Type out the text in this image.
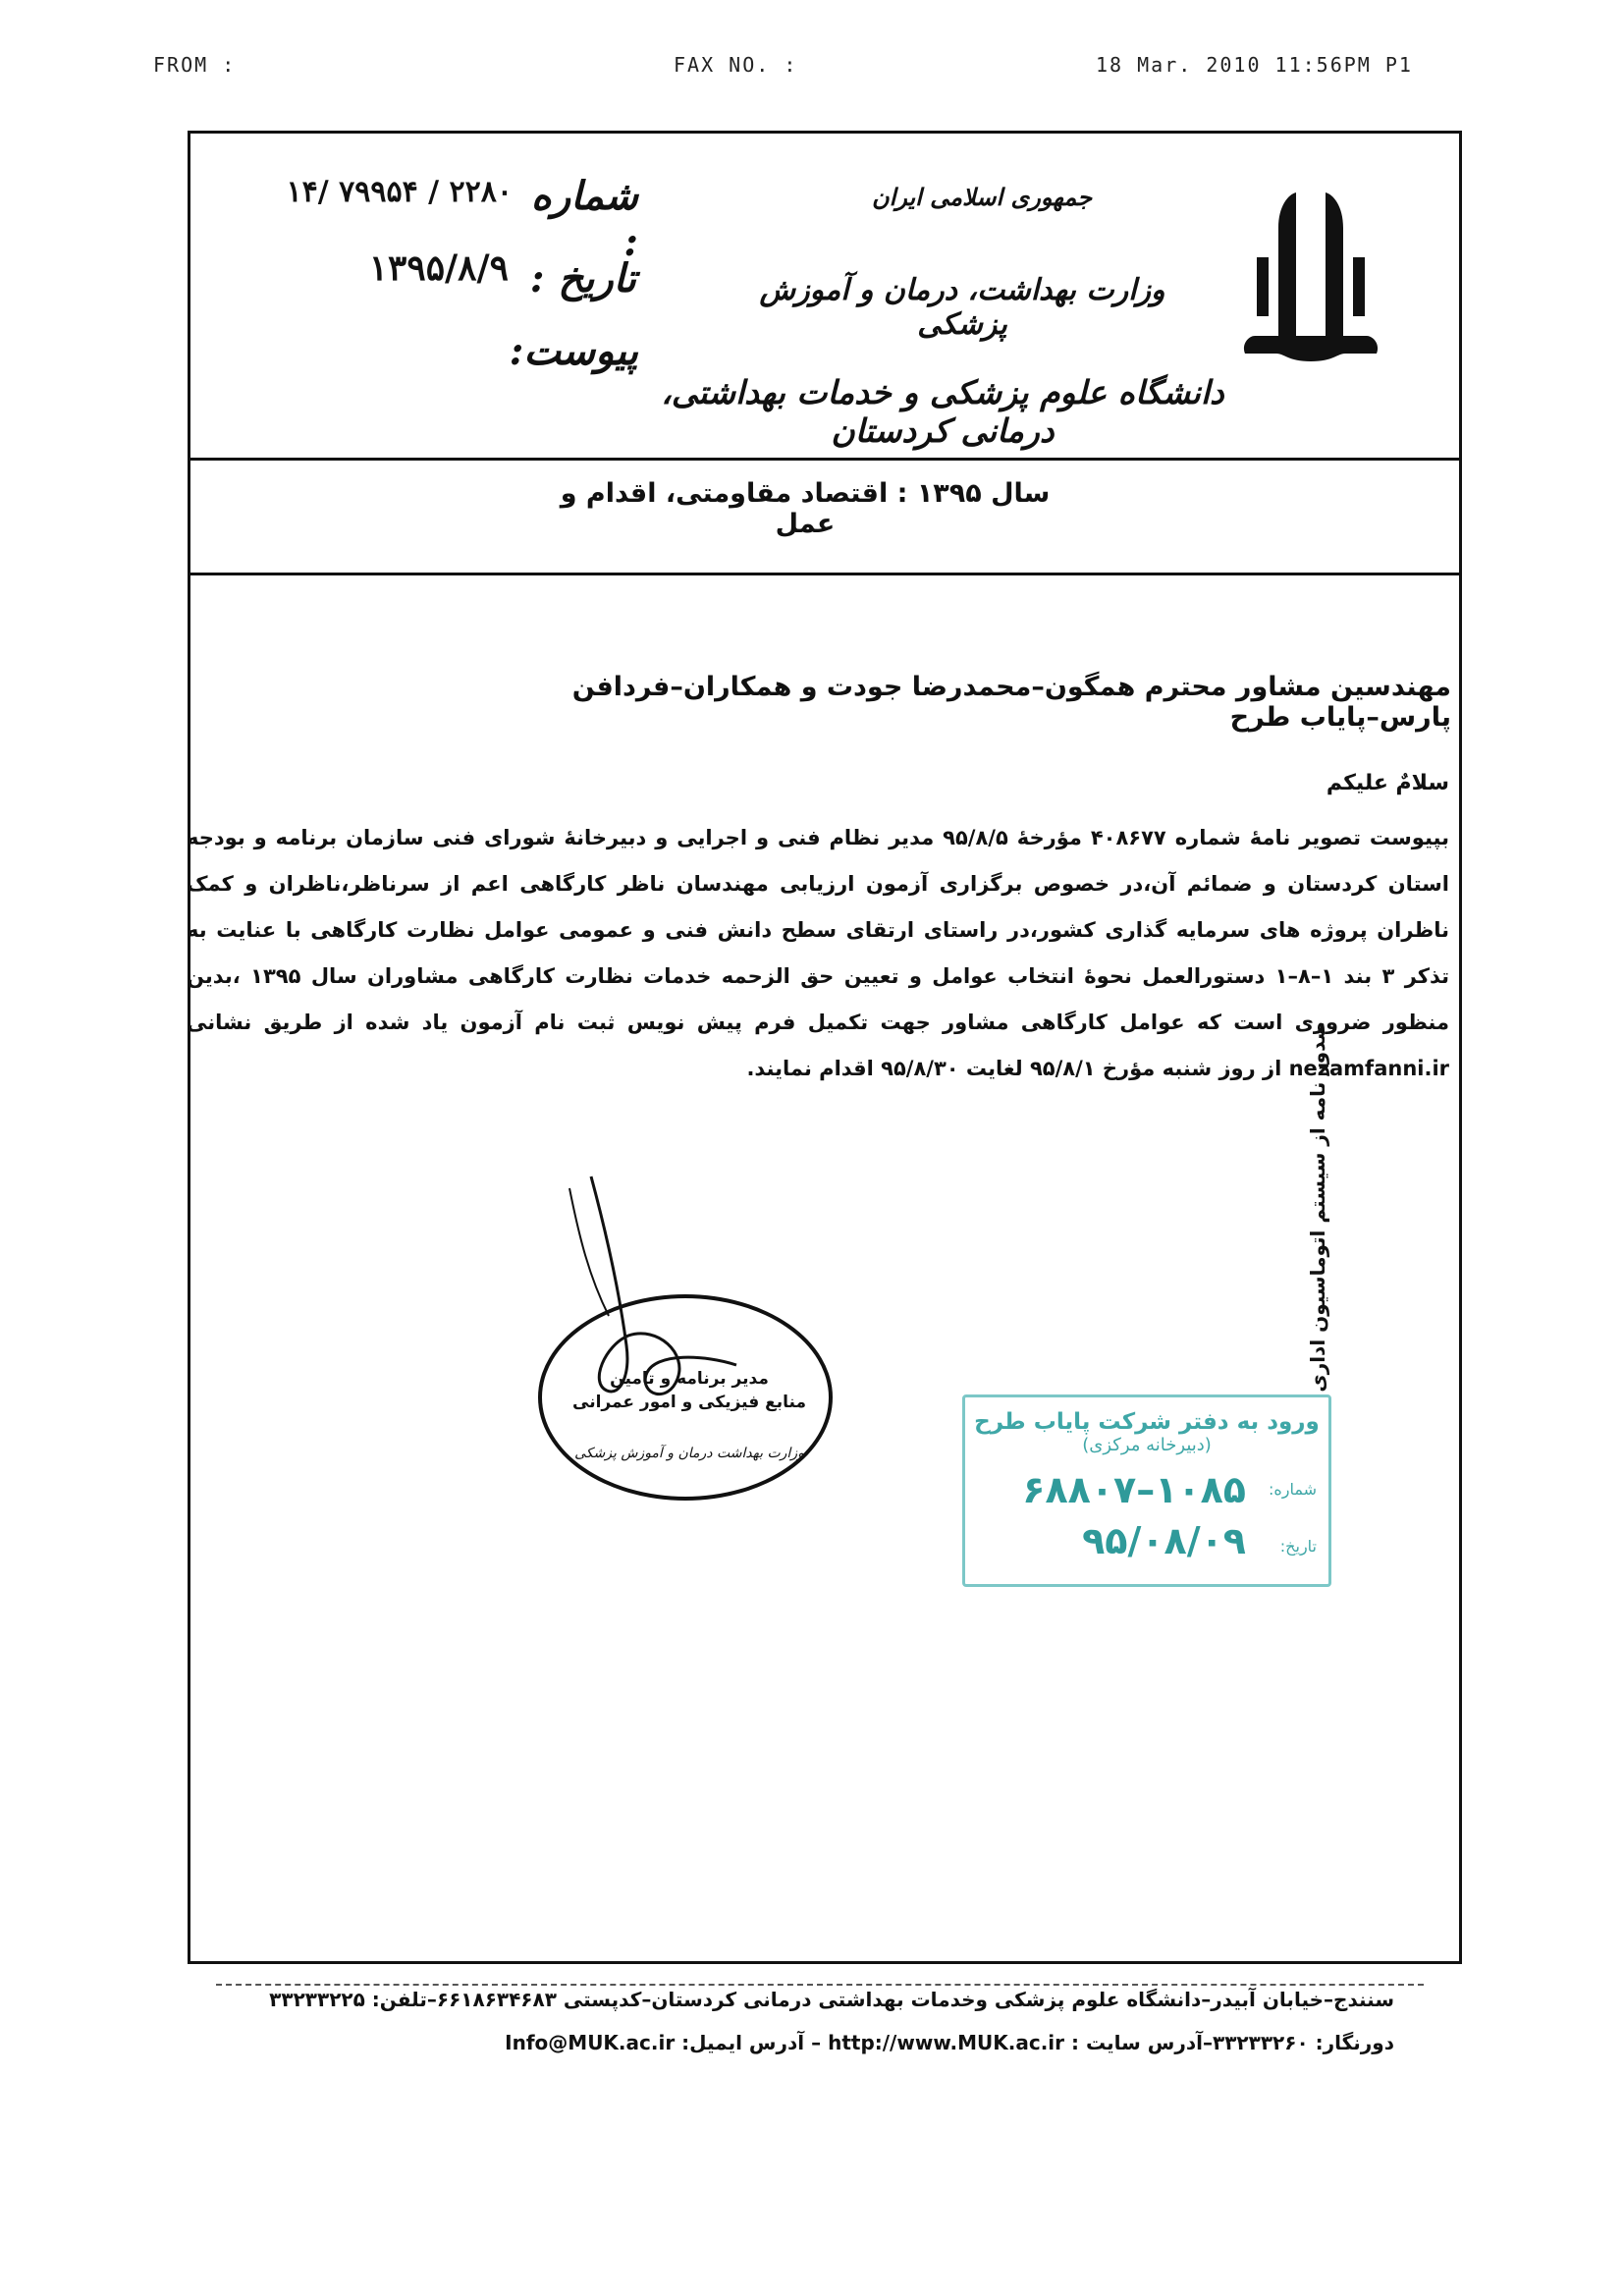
FROM :	FAX NO. :	18 Mar. 2010 11:56PM P1
جمهوری اسلامی ایران
وزارت بهداشت، درمان و آموزش پزشکی
دانشگاه علوم پزشکی و خدمات بهداشتی، درمانی کردستان
شماره :
۱۴/ ۷۹۹۵۴ / ۲۲۸۰
تاریخ :
۱۳۹۵/۸/۹
پیوست:
سال ۱۳۹۵ : اقتصاد مقاومتی، اقدام و عمل
مهندسین مشاور محترم همگون–محمدرضا جودت و همکاران–فردافن پارس–پایاب طرح
سلامٌ علیکم
بپیوست تصویر نامهٔ شماره ۴۰۸۶۷۷ مؤرخهٔ ۹۵/۸/۵ مدیر نظام فنی و اجرایی و دبیرخانهٔ شورای فنی سازمان برنامه و بودجه استان کردستان و ضمائم آن،در خصوص برگزاری آزمون ارزیابی مهندسان ناظر کارگاهی اعم از سرناظر،ناظران و کمک ناظران پروژه های سرمایه گذاری کشور،در راستای ارتقای سطح دانش فنی و عمومی عوامل نظارت کارگاهی با عنایت به تذکر ۳ بند ۱–۸–۱ دستورالعمل نحوهٔ انتخاب عوامل و تعیین حق الزحمه خدمات نظارت کارگاهی مشاوران سال ۱۳۹۵ ،بدین منظور ضروری است که عوامل کارگاهی مشاور جهت تکمیل فرم پیش نویس ثبت نام آزمون یاد شده از طریق نشانی nezamfanni.ir از روز شنبه مؤرخ ۹۵/۸/۱ لغایت ۹۵/۸/۳۰ اقدام نمایند.
مدیر برنامه و تامین
منابع فیزیکی و امور عمرانی
وزارت بهداشت درمان و آموزش پزشکی
ورود به دفتر شرکت پایاب طرح
(دبیرخانه مرکزی)
شماره:
۱۰۸۵–۶۸۸۰۷
تاریخ:
۹۵/۰۸/۰۹
صدور نامه از سیستم اتوماسیون اداری
سنندج–خیابان آبیدر–دانشگاه علوم پزشکی وخدمات بهداشتی درمانی کردستان–کدپستی ۶۶۱۸۶۳۴۶۸۳–تلفن: ۳۳۲۳۳۲۲۵
دورنگار: ۳۳۲۳۳۲۶۰–آدرس سایت : http://www.MUK.ac.ir – آدرس ایمیل: Info@MUK.ac.ir
